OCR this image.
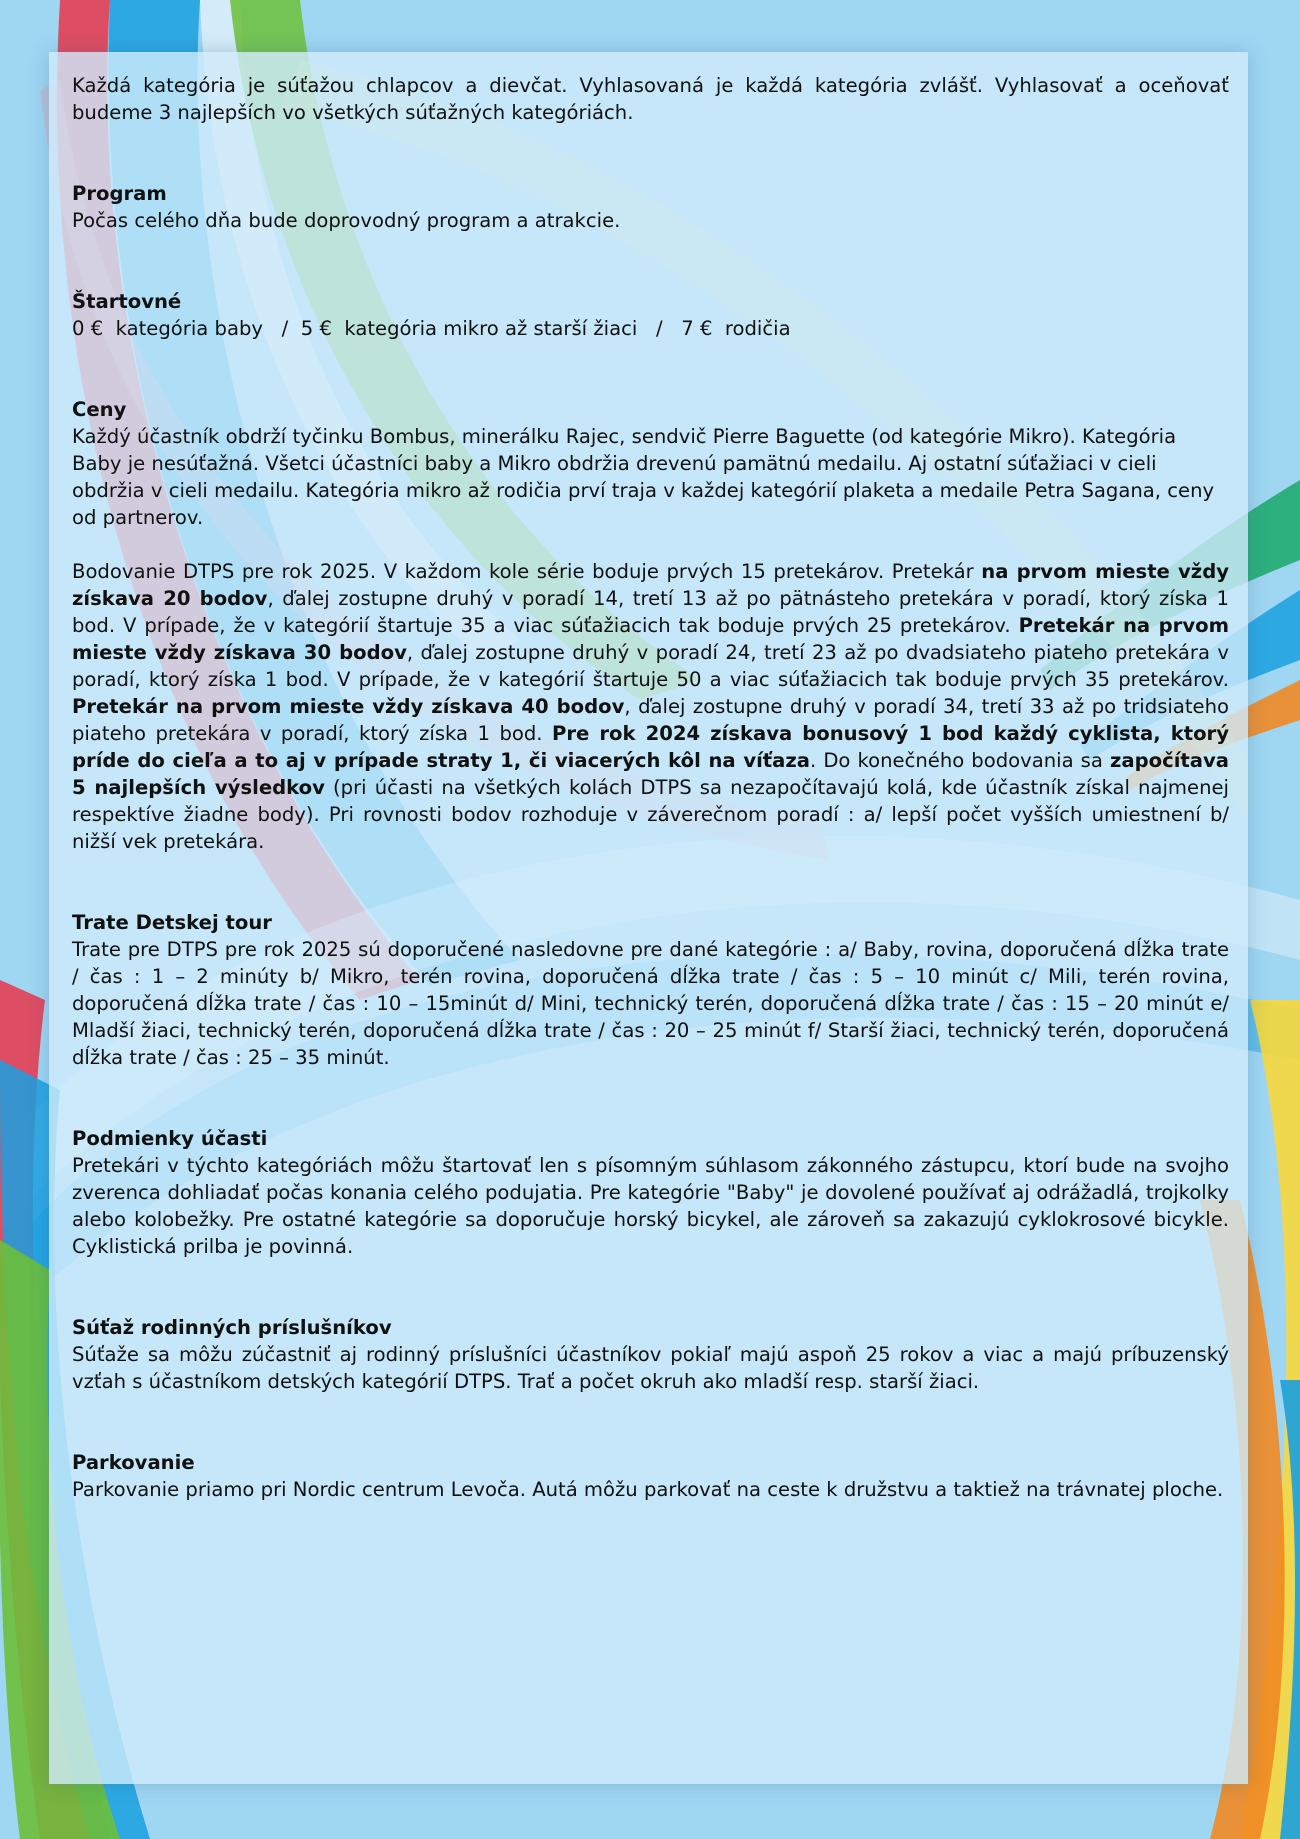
Každá kategória je súťažou chlapcov a dievčat. Vyhlasovaná je každá kategória zvlášť. Vyhlasovať a oceňovať budeme 3 najlepších vo všetkých súťažných kategóriách.

Program

Počas celého dňa bude doprovodný program a atrakcie.

Štartovné

0 €  kategória baby   /  5 €  kategória mikro až starší žiaci   /   7 €  rodičia

Ceny

Každý účastník obdrží tyčinku Bombus, minerálku Rajec, sendvič Pierre Baguette (od kategórie Mikro). Kategória Baby je nesúťažná. Všetci účastníci baby a Mikro obdržia drevenú pamätnú medailu. Aj ostatní súťažiaci v cieli obdržia v cieli medailu. Kategória mikro až rodičia prví traja v každej kategórií plaketa a medaile Petra Sagana, ceny od partnerov.

Bodovanie DTPS pre rok 2025. V každom kole série boduje prvých 15 pretekárov. Pretekár na prvom mieste vždy získava 20 bodov, ďalej zostupne druhý v poradí 14, tretí 13 až po pätnásteho pretekára v poradí, ktorý získa 1 bod. V prípade, že v kategórií štartuje 35 a viac súťažiacich tak boduje prvých 25 pretekárov. Pretekár na prvom mieste vždy získava 30 bodov, ďalej zostupne druhý v poradí 24, tretí 23 až po dvadsiateho piateho pretekára v poradí, ktorý získa 1 bod. V prípade, že v kategórií štartuje 50 a viac súťažiacich tak boduje prvých 35 pretekárov. Pretekár na prvom mieste vždy získava 40 bodov, ďalej zostupne druhý v poradí 34, tretí 33 až po tridsiateho piateho pretekára v poradí, ktorý získa 1 bod. Pre rok 2024 získava bonusový 1 bod každý cyklista, ktorý príde do cieľa a to aj v prípade straty 1, či viacerých kôl na víťaza. Do konečného bodovania sa započítava 5 najlepších výsledkov (pri účasti na všetkých kolách DTPS sa nezapočítavajú kolá, kde účastník získal najmenej respektíve žiadne body). Pri rovnosti bodov rozhoduje v záverečnom poradí : a/ lepší počet vyšších umiestnení b/ nižší vek pretekára.

Trate Detskej tour

Trate pre DTPS pre rok 2025 sú doporučené nasledovne pre dané kategórie : a/ Baby, rovina, doporučená dĺžka trate / čas : 1 – 2 minúty b/ Mikro, terén rovina, doporučená dĺžka trate / čas : 5 – 10 minút c/ Mili, terén rovina, doporučená dĺžka trate / čas : 10 – 15minút d/ Mini, technický terén, doporučená dĺžka trate / čas : 15 – 20 minút e/ Mladší žiaci, technický terén, doporučená dĺžka trate / čas : 20 – 25 minút f/ Starší žiaci, technický terén, doporučená dĺžka trate / čas : 25 – 35 minút.

Podmienky účasti

Pretekári v týchto kategóriách môžu štartovať len s písomným súhlasom zákonného zástupcu, ktorí bude na svojho zverenca dohliadať počas konania celého podujatia. Pre kategórie "Baby" je dovolené používať aj odrážadlá, trojkolky alebo kolobežky. Pre ostatné kategórie sa doporučuje horský bicykel, ale zároveň sa zakazujú cyklokrosové bicykle. Cyklistická prilba je povinná.

Súťaž rodinných príslušníkov

Súťaže sa môžu zúčastniť aj rodinný príslušníci účastníkov pokiaľ majú aspoň 25 rokov a viac a majú príbuzenský vzťah s účastníkom detských kategórií DTPS. Trať a počet okruh ako mladší resp. starší žiaci.

Parkovanie

Parkovanie priamo pri Nordic centrum Levoča. Autá môžu parkovať na ceste k družstvu a taktiež na trávnatej ploche.
